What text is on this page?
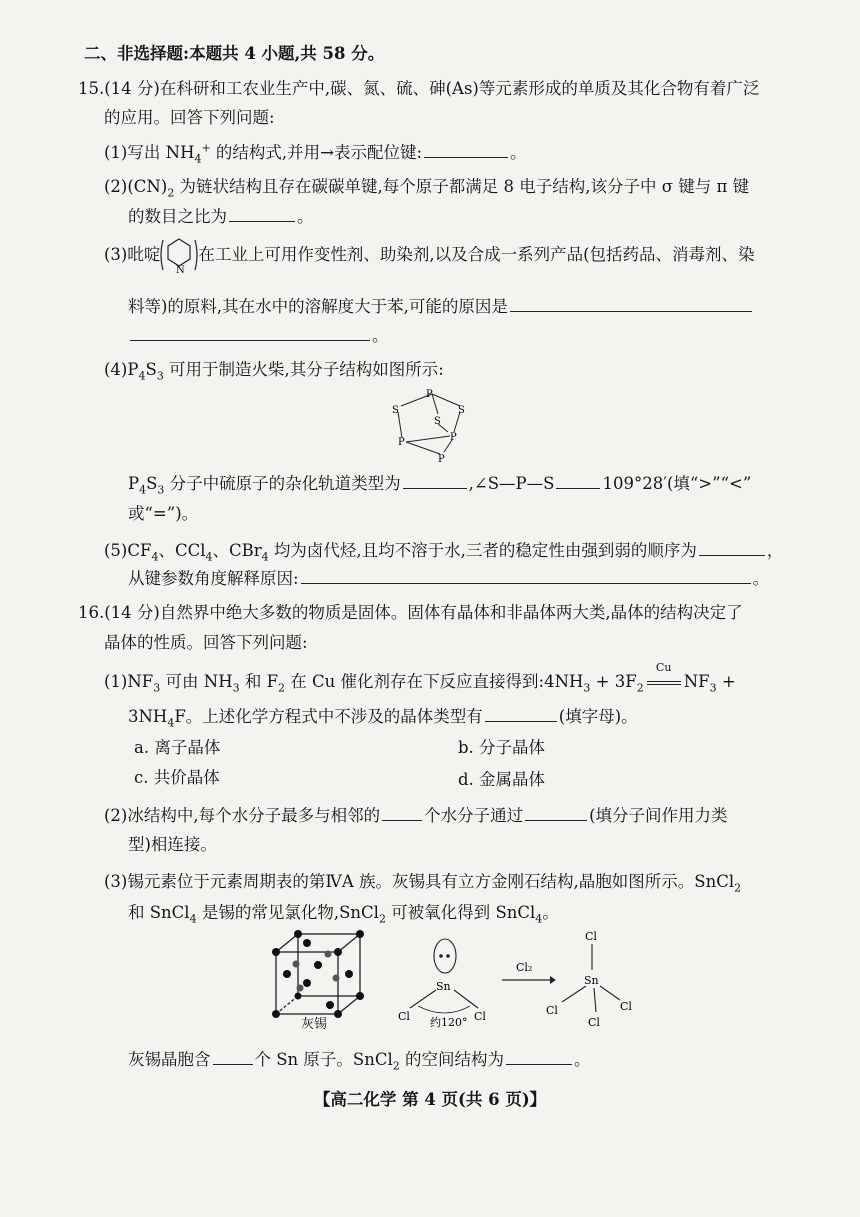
二、非选择题:本题共 4 小题,共 58 分。
15.(14 分)在科研和工农业生产中,碳、氮、硫、砷(As)等元素形成的单质及其化合物有着广泛
的应用。回答下列问题:
(1)写出 $NH_4^+$ 的结构式,并用→表示配位键:	。
$(2)(CN)_2$ 为链状结构且存在碳碳单键,每个原子都满足 8 电子结构,该分子中 σ 键与 π 键
的数目之比为	。
(3)吡啶
N
在工业上可用作变性剂、助染剂,以及合成一系列产品(包括药品、消毒剂、染
料等)的原料,其在水中的溶解度大于苯,可能的原因是
。
$(4)P_4S_3$ 可用于制造火柴,其分子结构如图所示:
P
S	S
S
P	P
P
$P_4S_3$ 分子中硫原子的杂化轨道类型为	,∠S—P—S	109°28′(填“>”“<”
或“=”)。
$(5)CF_4$、CCl$_4$、CBr$_4$ 均为卤代烃,且均不溶于水,三者的稳定性由强到弱的顺序为	，
从键参数角度解释原因:	。
16.(14 分)自然界中绝大多数的物质是固体。固体有晶体和非晶体两大类,晶体的结构决定了
晶体的性质。回答下列问题:
$(1)NF_3$ 可由 $NH_3$ 和 $F_2$ 在 Cu 催化剂存在下反应直接得到$:4NH_3 + 3F_2$
Cu
$NF_3$ +
$3NH_4F$。上述化学方程式中不涉及的晶体类型有	(填字母)。
a. 离子晶体	b. 分子晶体
c. 共价晶体	d. 金属晶体
(2)冰结构中,每个水分子最多与相邻的	个水分子通过	(填分子间作用力类
型)相连接。
(3)锡元素位于元素周期表的第ⅣA 族。灰锡具有立方金刚石结构,晶胞如图所示。SnCl$_2$
和 SnCl$_4$ 是锡的常见氯化物,SnCl$_2$ 可被氧化得到 SnCl$_4$。
灰锡
Sn
Cl	Cl
约120°
Cl₂
Cl
Sn
Cl	Cl
Cl
灰锡晶胞含	个 Sn 原子。SnCl$_2$ 的空间结构为	。
【高二化学 第 4 页(共 6 页)】
